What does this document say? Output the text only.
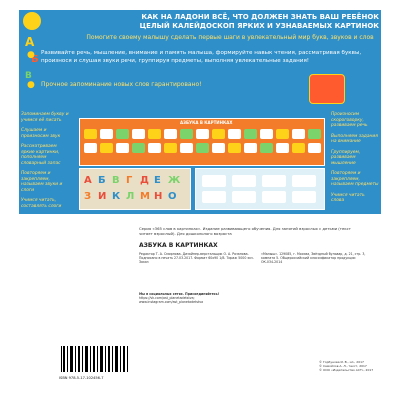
А
Б
В
КАК НА ЛАДОНИ ВСЁ, ЧТО ДОЛЖЕН ЗНАТЬ ВАШ РЕБЁНОК
ЦЕЛЫЙ КАЛЕЙДОСКОП ЯРКИХ И УЗНАВАЕМЫХ КАРТИНОК
Помогите своему малышу сделать первые шаги в увлекательный мир букв, звуков и слов
● Развивайте речь, мышление, внимание и память малыша, формируйте навык чтения, рассматривая буквы, произнося и слушая звуки речи, группируя предметы, выполняя увлекательные задания!
● Прочное запоминание новых слов гарантировано!
Запоминаем букву и учимся её писать
Слушаем и произносим звук
Рассматриваем яркие картинки, пополняем словарный запас
Повторяем и закрепляем, называем звуки и слоги
Учимся читать, составлять слоги
Произносим скороговорку, развиваем речь
Выполняем задания на внимание
Группируем, развиваем мышление
Повторяем и закрепляем, называем предметы
Учимся читать слова
АЗБУКА В КАРТИНКАХ
А Б В Г Д Е Ж
З И К Л М Н О
Серия «365 слов в картинках». Издание развивающего обучения. Для занятий взрослых с детьми (текст читает взрослый). Для дошкольного возраста
АЗБУКА В КАРТИНКАХ
Редактор Т. А. Смирнова. Дизайнер-верстальщик О. А. Розанова. Подписано в печать 27.03.2017. Формат 60x90 1/8. Тираж 5000 экз. Заказ
«Малыш». 129085, г. Москва, Звёздный бульвар, д. 21, стр. 3, комната 5. Общероссийский классификатор продукции ОК-034-2014
Мы в социальных сетях. Присоединяйтесь!
https://vk.com/ast_planetadetstva; www.instagram.com/ast_planetadetstva
ISBN 978-5-17-102456-7
© Горбунова И. В., ил., 2017
© Самойлов А. Л., текст, 2017
© ООО «Издательство АСТ», 2017
